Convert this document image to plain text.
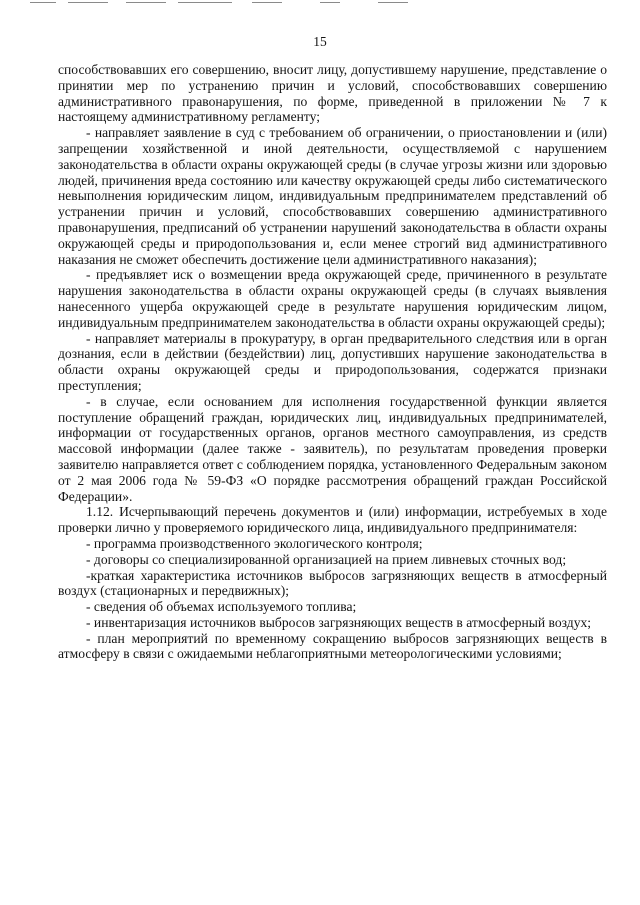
15

способствовавших его совершению, вносит лицу, допустившему нарушение, представление о принятии мер по устранению причин и условий, способствовавших совершению административного правонарушения, по форме, приведенной в приложении № 7 к настоящему административному регламенту;

- направляет заявление в суд с требованием об ограничении, о приостановлении и (или) запрещении хозяйственной и иной деятельности, осуществляемой с нарушением законодательства в области охраны окружающей среды (в случае угрозы жизни или здоровью людей, причинения вреда состоянию или качеству окружающей среды либо систематического невыполнения юридическим лицом, индивидуальным предпринимателем представлений об устранении причин и условий, способствовавших совершению административного правонарушения, предписаний об устранении нарушений законодательства в области охраны окружающей среды и природопользования и, если менее строгий вид административного наказания не сможет обеспечить достижение цели административного наказания);

- предъявляет иск о возмещении вреда окружающей среде, причиненного в результате нарушения законодательства в области охраны окружающей среды (в случаях выявления нанесенного ущерба окружающей среде в результате нарушения юридическим лицом, индивидуальным предпринимателем законодательства в области охраны окружающей среды);

- направляет материалы в прокуратуру, в орган предварительного следствия или в орган дознания, если в действии (бездействии) лиц, допустивших нарушение законодательства в области охраны окружающей среды и природопользования, содержатся признаки преступления;

- в случае, если основанием для исполнения государственной функции является поступление обращений граждан, юридических лиц, индивидуальных предпринимателей, информации от государственных органов, органов местного самоуправления, из средств массовой информации (далее также - заявитель), по результатам проведения проверки заявителю направляется ответ с соблюдением порядка, установленного Федеральным законом от 2 мая 2006 года № 59-ФЗ «О порядке рассмотрения обращений граждан Российской Федерации».

1.12. Исчерпывающий перечень документов и (или) информации, истребуемых в ходе проверки лично у проверяемого юридического лица, индивидуального предпринимателя:

- программа производственного экологического контроля;

- договоры со специализированной организацией на прием ливневых сточных вод;

-краткая характеристика источников выбросов загрязняющих веществ в атмосферный воздух (стационарных и передвижных);

- сведения об объемах используемого топлива;

- инвентаризация источников выбросов загрязняющих веществ в атмосферный воздух;

- план мероприятий по временному сокращению выбросов загрязняющих веществ в атмосферу в связи с ожидаемыми неблагоприятными метеорологическими условиями;
